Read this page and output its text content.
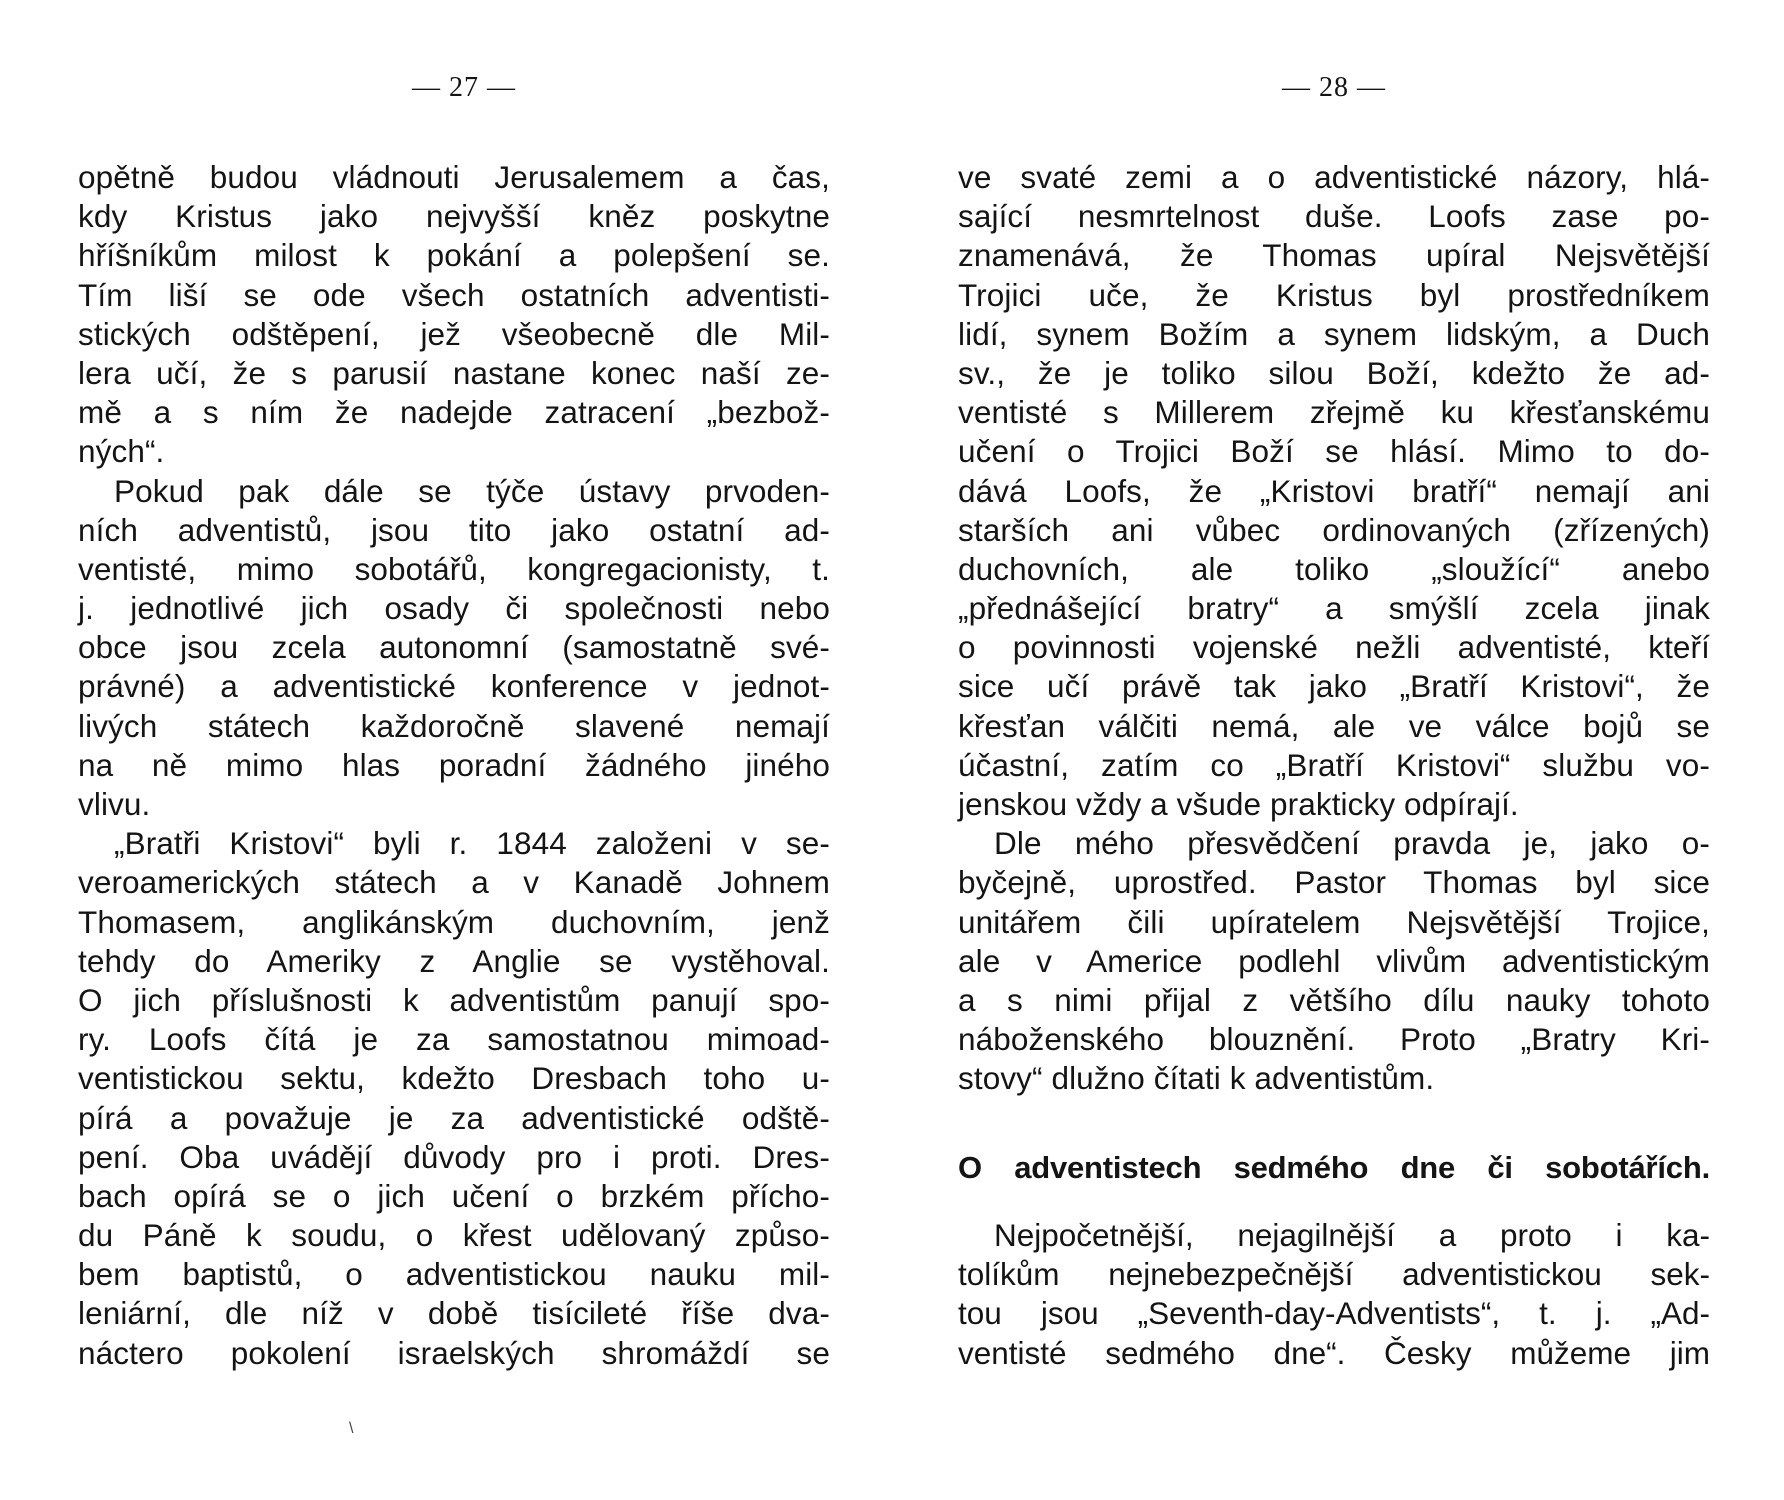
— 27 —
opětně budou vládnouti Jerusalemem a čas,
kdy Kristus jako nejvyšší kněz poskytne
hříšníkům milost k pokání a polepšení se.
Tím liší se ode všech ostatních adventisti-
stických odštěpení, jež všeobecně dle Mil-
lera učí, že s parusií nastane konec naší ze-
mě a s ním že nadejde zatracení „bezbož-
ných“.
Pokud pak dále se týče ústavy prvoden-
ních adventistů, jsou tito jako ostatní ad-
ventisté, mimo sobotářů, kongregacionisty, t.
j. jednotlivé jich osady či společnosti nebo
obce jsou zcela autonomní (samostatně své-
právné) a adventistické konference v jednot-
livých státech každoročně slavené nemají
na ně mimo hlas poradní žádného jiného
vlivu.
„Bratři Kristovi“ byli r. 1844 založeni v se-
veroamerických státech a v Kanadě Johnem
Thomasem, anglikánským duchovním, jenž
tehdy do Ameriky z Anglie se vystěhoval.
O jich příslušnosti k adventistům panují spo-
ry. Loofs čítá je za samostatnou mimoad-
ventistickou sektu, kdežto Dresbach toho u-
pírá a považuje je za adventistické odště-
pení. Oba uvádějí důvody pro i proti. Dres-
bach opírá se o jich učení o brzkém přícho-
du Páně k soudu, o křest udělovaný způso-
bem baptistů, o adventistickou nauku mil-
leniární, dle níž v době tisícileté říše dva-
náctero pokolení israelských shromáždí se
\
— 28 —
ve svaté zemi a o adventistické názory, hlá-
sající nesmrtelnost duše. Loofs zase po-
znamenává, že Thomas upíral Nejsvětější
Trojici uče, že Kristus byl prostředníkem
lidí, synem Božím a synem lidským, a Duch
sv., že je toliko silou Boží, kdežto že ad-
ventisté s Millerem zřejmě ku křesťanskému
učení o Trojici Boží se hlásí. Mimo to do-
dává Loofs, že „Kristovi bratří“ nemají ani
starších ani vůbec ordinovaných (zřízených)
duchovních, ale toliko „sloužící“ anebo
„přednášející bratry“ a smýšlí zcela jinak
o povinnosti vojenské nežli adventisté, kteří
sice učí právě tak jako „Bratří Kristovi“, že
křesťan válčiti nemá, ale ve válce bojů se
účastní, zatím co „Bratří Kristovi“ službu vo-
jenskou vždy a všude prakticky odpírají.
Dle mého přesvědčení pravda je, jako o-
byčejně, uprostřed. Pastor Thomas byl sice
unitářem čili upíratelem Nejsvětější Trojice,
ale v Americe podlehl vlivům adventistickým
a s nimi přijal z většího dílu nauky tohoto
náboženského blouznění. Proto „Bratry Kri-
stovy“ dlužno čítati k adventistům.
O adventistech sedmého dne či sobotářích.
Nejpočetnější, nejagilnější a proto i ka-
tolíkům nejnebezpečnější adventistickou sek-
tou jsou „Seventh-day-Adventists“, t. j. „Ad-
ventisté sedmého dne“. Česky můžeme jim
